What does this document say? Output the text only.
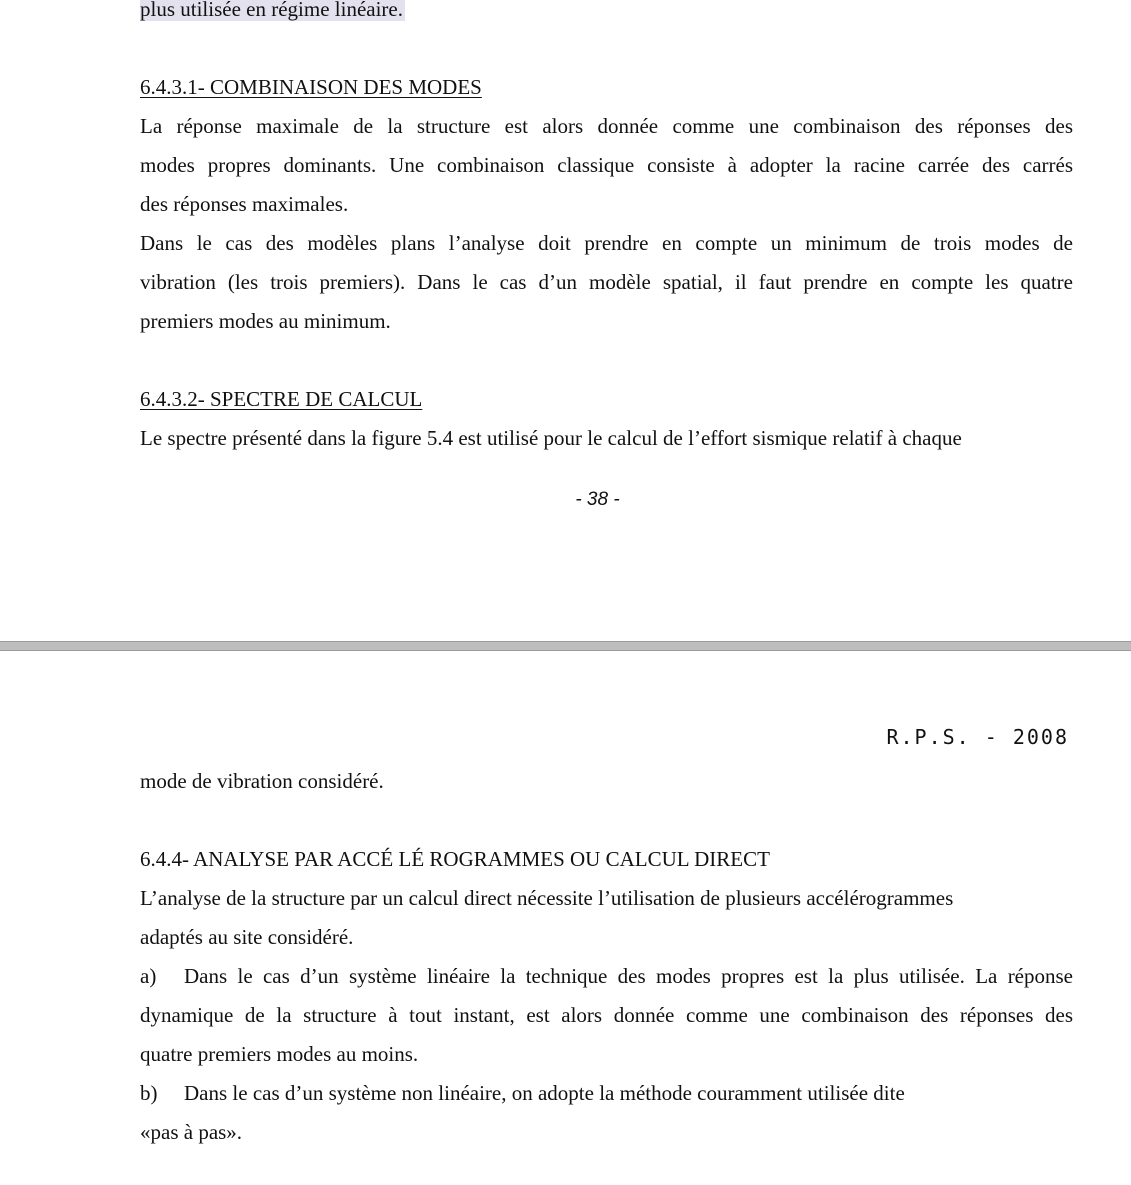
plus utilisée en régime linéaire.
6.4.3.1- COMBINAISON DES MODES
La réponse maximale de la structure est alors donnée comme une combinaison des réponses des
modes propres dominants. Une combinaison classique consiste à adopter la racine carrée des carrés
des réponses maximales.
Dans le cas des modèles plans l’analyse doit prendre en compte un minimum de trois modes de
vibration (les trois premiers). Dans le cas d’un modèle spatial, il faut prendre en compte les quatre
premiers modes au minimum.
6.4.3.2- SPECTRE DE CALCUL
Le spectre présenté dans la figure 5.4 est utilisé pour le calcul de l’effort sismique relatif à chaque
- 38 -
R.P.S. - 2008
mode de vibration considéré.
6.4.4- ANALYSE PAR ACCÉ LÉ ROGRAMMES OU CALCUL DIRECT
L’analyse de la structure par un calcul direct nécessite l’utilisation de plusieurs accélérogrammes
adaptés au site considéré.
a)	Dans le cas d’un système linéaire la technique des modes propres est la plus utilisée. La réponse
dynamique de la structure à tout instant, est alors donnée comme une combinaison des réponses des
quatre premiers modes au moins.
b) Dans le cas d’un système non linéaire, on adopte la méthode couramment utilisée dite
«pas à pas».
